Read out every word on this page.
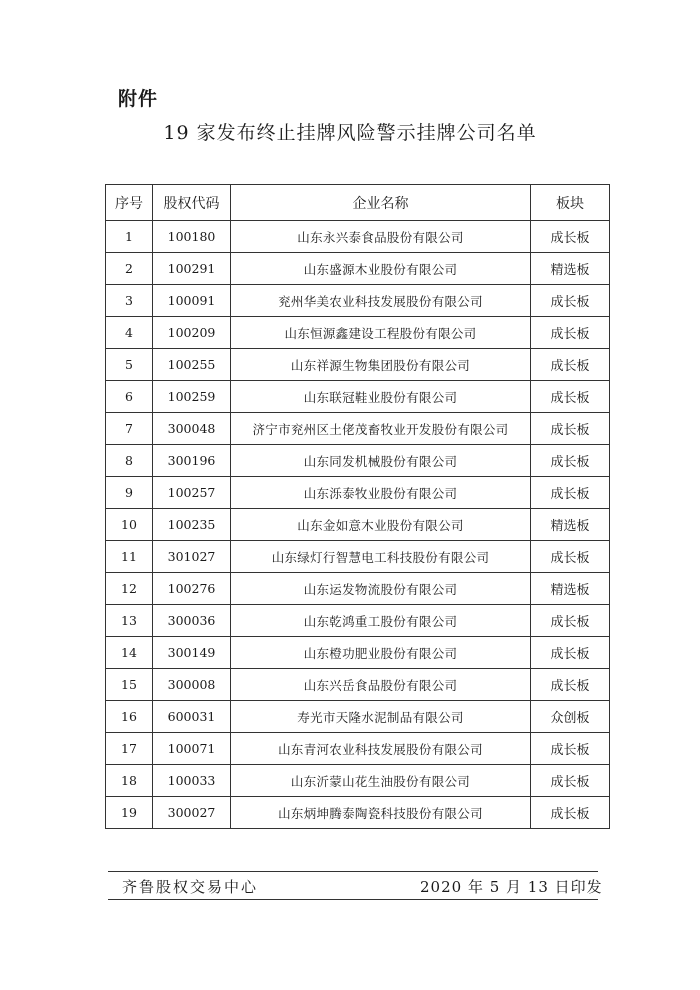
附件
19 家发布终止挂牌风险警示挂牌公司名单
序号	股权代码	企业名称	板块
1	100180	山东永兴泰食品股份有限公司	成长板
2	100291	山东盛源木业股份有限公司	精选板
3	100091	兖州华美农业科技发展股份有限公司	成长板
4	100209	山东恒源鑫建设工程股份有限公司	成长板
5	100255	山东祥源生物集团股份有限公司	成长板
6	100259	山东联冠鞋业股份有限公司	成长板
7	300048	济宁市兖州区土佬茂畜牧业开发股份有限公司	成长板
8	300196	山东同发机械股份有限公司	成长板
9	100257	山东泺泰牧业股份有限公司	成长板
10	100235	山东金如意木业股份有限公司	精选板
11	301027	山东绿灯行智慧电工科技股份有限公司	成长板
12	100276	山东运发物流股份有限公司	精选板
13	300036	山东乾鸿重工股份有限公司	成长板
14	300149	山东橙功肥业股份有限公司	成长板
15	300008	山东兴岳食品股份有限公司	成长板
16	600031	寿光市天隆水泥制品有限公司	众创板
17	100071	山东青河农业科技发展股份有限公司	成长板
18	100033	山东沂蒙山花生油股份有限公司	成长板
19	300027	山东炳坤腾泰陶瓷科技股份有限公司	成长板
齐鲁股权交易中心	2020 年 5 月 13 日印发
